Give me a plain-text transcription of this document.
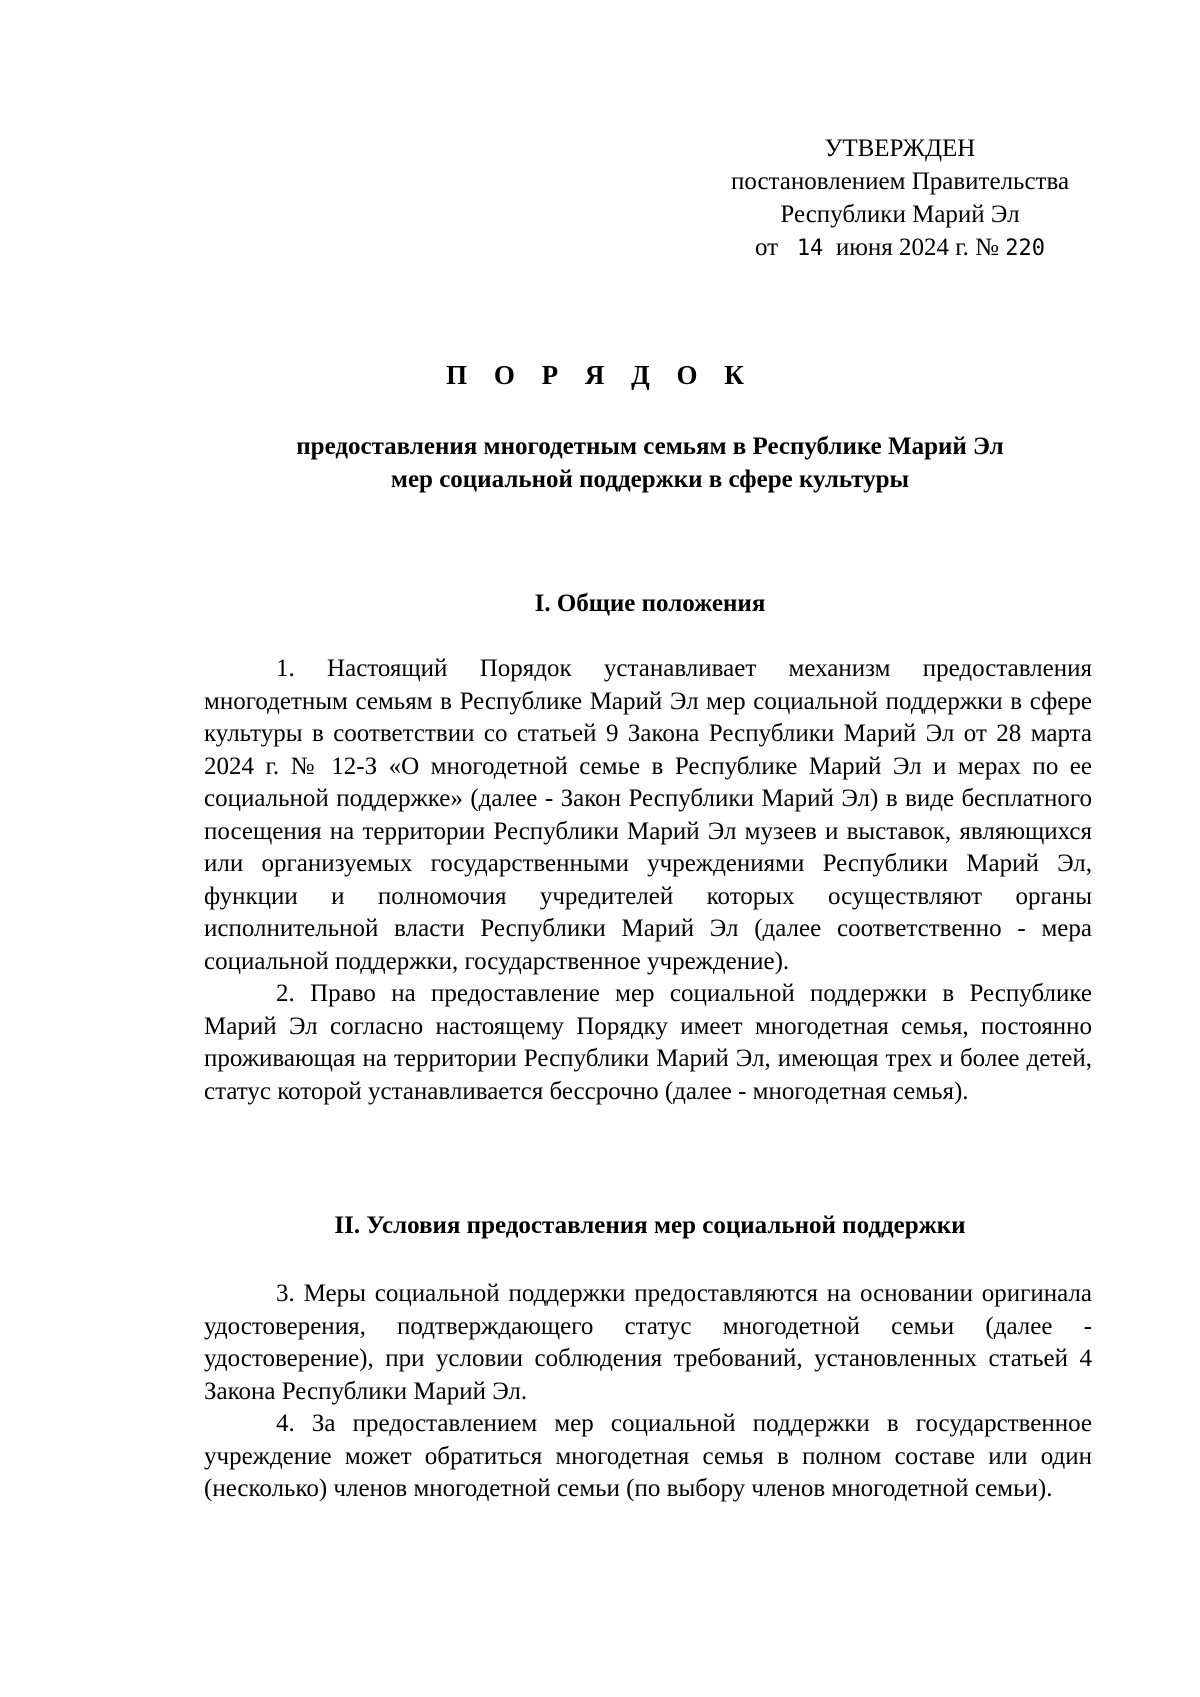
УТВЕРЖДЕН
постановлением Правительства
Республики Марий Эл
от 14 июня 2024 г. № 220
П О Р Я Д О К
предоставления многодетным семьям в Республике Марий Эл
мер социальной поддержки в сфере культуры
I. Общие положения

1. Настоящий Порядок устанавливает механизм предоставления многодетным семьям в Республике Марий Эл мер социальной поддержки в сфере культуры в соответствии со статьей 9 Закона Республики Марий Эл от 28 марта 2024 г. № 12-З «О многодетной семье в Республике Марий Эл и мерах по ее социальной поддержке» (далее - Закон Республики Марий Эл) в виде бесплатного посещения на территории Республики Марий Эл музеев и выставок, являющихся или организуемых государственными учреждениями Республики Марий Эл, функции и полномочия учредителей которых осуществляют органы исполнительной власти Республики Марий Эл (далее соответственно - мера социальной поддержки, государственное учреждение).

2. Право на предоставление мер социальной поддержки в Республике Марий Эл согласно настоящему Порядку имеет многодетная семья, постоянно проживающая на территории Республики Марий Эл, имеющая трех и более детей, статус которой устанавливается бессрочно (далее - многодетная семья).

II. Условия предоставления мер социальной поддержки

3. Меры социальной поддержки предоставляются на основании оригинала удостоверения, подтверждающего статус многодетной семьи (далее - удостоверение), при условии соблюдения требований, установленных статьей 4 Закона Республики Марий Эл.

4. За предоставлением мер социальной поддержки в государственное учреждение может обратиться многодетная семья в полном составе или один (несколько) членов многодетной семьи (по выбору членов многодетной семьи).
